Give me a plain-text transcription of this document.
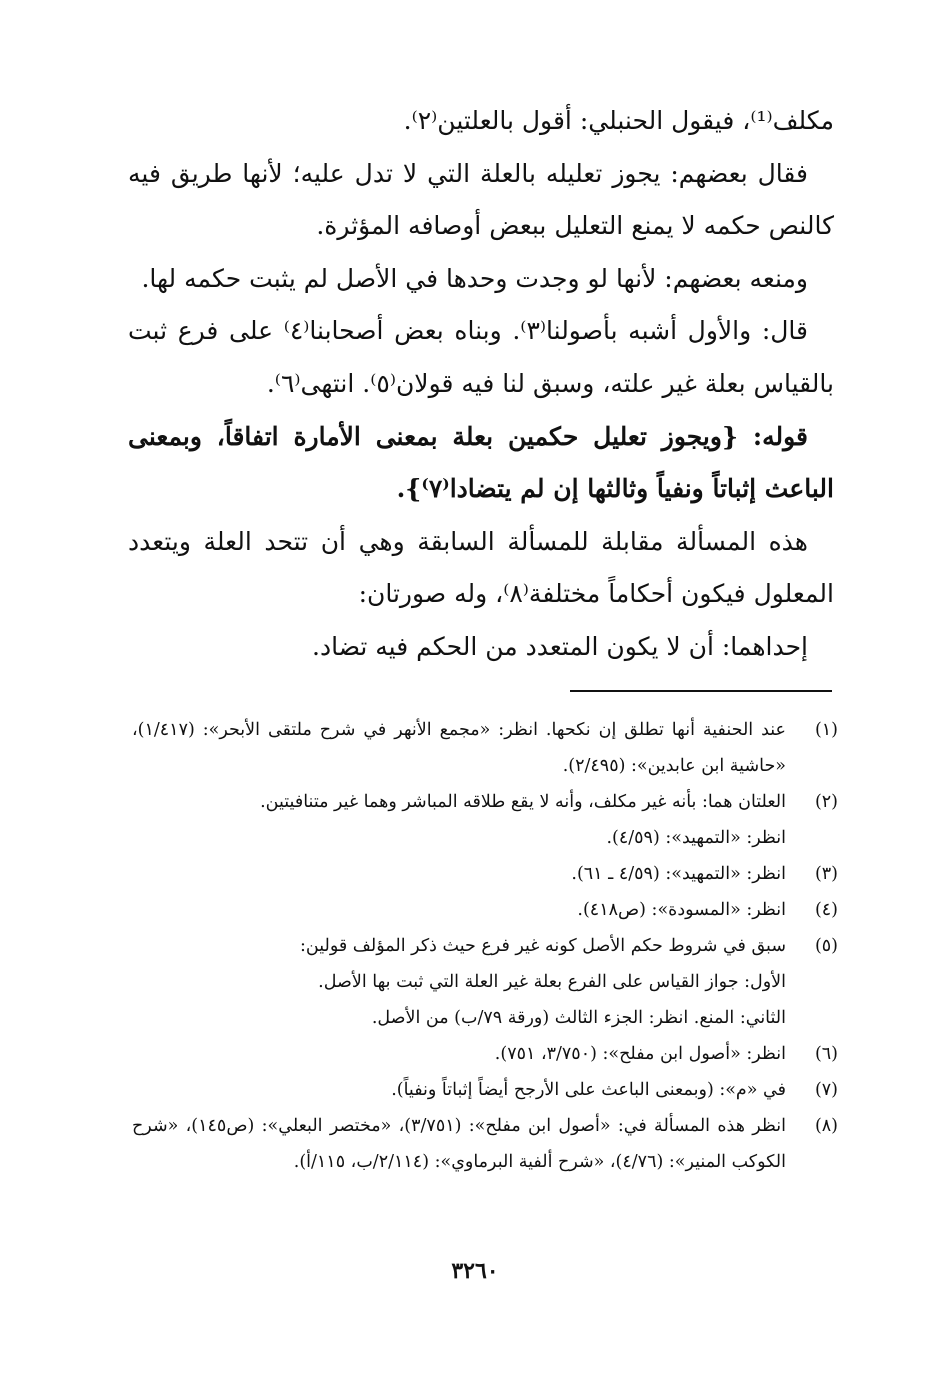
مكلف⁽¹⁾، فيقول الحنبلي: أقول بالعلتين⁽٢⁾.

فقال بعضهم: يجوز تعليله بالعلة التي لا تدل عليه؛ لأنها طريق فيه كالنص حكمه لا يمنع التعليل ببعض أوصافه المؤثرة.

ومنعه بعضهم: لأنها لو وجدت وحدها في الأصل لم يثبت حكمه لها.

قال: والأول أشبه بأصولنا⁽٣⁾. وبناه بعض أصحابنا⁽٤⁾ على فرع ثبت بالقياس بعلة غير علته، وسبق لنا فيه قولان⁽٥⁾. انتهى⁽٦⁾.

قوله: {ويجوز تعليل حكمين بعلة بمعنى الأمارة اتفاقاً، وبمعنى الباعث إثباتاً ونفياً وثالثها إن لم يتضادا⁽٧⁾}.

هذه المسألة مقابلة للمسألة السابقة وهي أن تتحد العلة ويتعدد المعلول فيكون أحكاماً مختلفة⁽٨⁾، وله صورتان:

إحداهما: أن لا يكون المتعدد من الحكم فيه تضاد.

(١)
عند الحنفية أنها تطلق إن نكحها. انظر: «مجمع الأنهر في شرح ملتقى الأبحر»: (١/٤١٧)، «حاشية ابن عابدين»: (٢/٤٩٥).
(٢)
العلتان هما: بأنه غير مكلف، وأنه لا يقع طلاقه المباشر وهما غير متنافيتين.
انظر: «التمهيد»: (٤/٥٩).
(٣)
انظر: «التمهيد»: (٤/٥٩ ـ ٦١).
(٤)
انظر: «المسودة»: (ص٤١٨).
(٥)
سبق في شروط حكم الأصل كونه غير فرع حيث ذكر المؤلف قولين:
الأول: جواز القياس على الفرع بعلة غير العلة التي ثبت بها الأصل.
الثاني: المنع. انظر: الجزء الثالث (ورقة ٧٩/ب) من الأصل.
(٦)
انظر: «أصول ابن مفلح»: (٣/٧٥٠، ٧٥١).
(٧)
في «م»: (وبمعنى الباعث على الأرجح أيضاً إثباتاً ونفياً).
(٨)
انظر هذه المسألة في: «أصول ابن مفلح»: (٣/٧٥١)، «مختصر البعلي»: (ص١٤٥)، «شرح الكوكب المنير»: (٤/٧٦)، «شرح ألفية البرماوي»: (٢/١١٤/ب، ١١٥/أ).
٣٢٦٠
